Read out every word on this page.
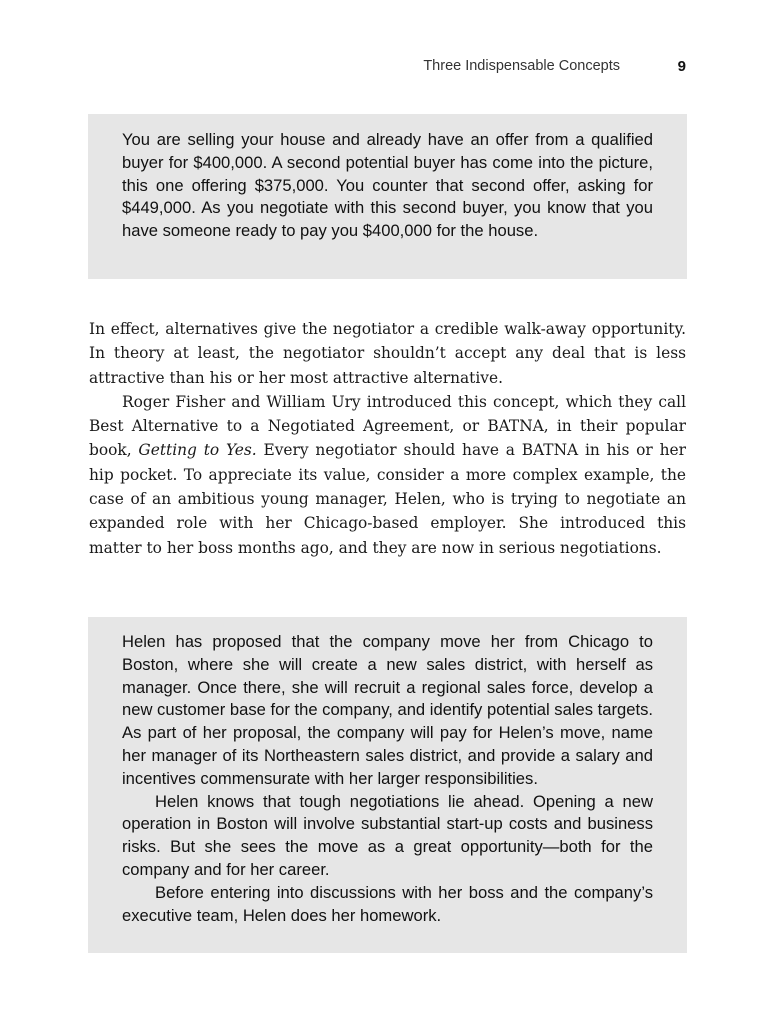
Three Indispensable Concepts	9

You are selling your house and already have an offer from a qualified buyer for $400,000. A second potential buyer has come into the picture, this one offering $375,000. You counter that second offer, asking for $449,000. As you negotiate with this second buyer, you know that you have someone ready to pay you $400,000 for the house.

In effect, alternatives give the negotiator a credible walk-away opportunity. In theory at least, the negotiator shouldn’t accept any deal that is less attractive than his or her most attractive alternative.

Roger Fisher and William Ury introduced this concept, which they call Best Alternative to a Negotiated Agreement, or BATNA, in their popular book, Getting to Yes. Every negotiator should have a BATNA in his or her hip pocket. To appreciate its value, consider a more complex example, the case of an ambitious young manager, Helen, who is trying to negotiate an expanded role with her Chicago-based employer. She introduced this matter to her boss months ago, and they are now in serious negotiations.

Helen has proposed that the company move her from Chicago to Boston, where she will create a new sales district, with herself as manager. Once there, she will recruit a regional sales force, develop a new customer base for the company, and identify potential sales targets. As part of her proposal, the company will pay for Helen’s move, name her manager of its Northeastern sales district, and provide a salary and incentives commensurate with her larger responsibilities.

Helen knows that tough negotiations lie ahead. Opening a new operation in Boston will involve substantial start-up costs and business risks. But she sees the move as a great opportunity—both for the company and for her career.

Before entering into discussions with her boss and the company’s executive team, Helen does her homework.
